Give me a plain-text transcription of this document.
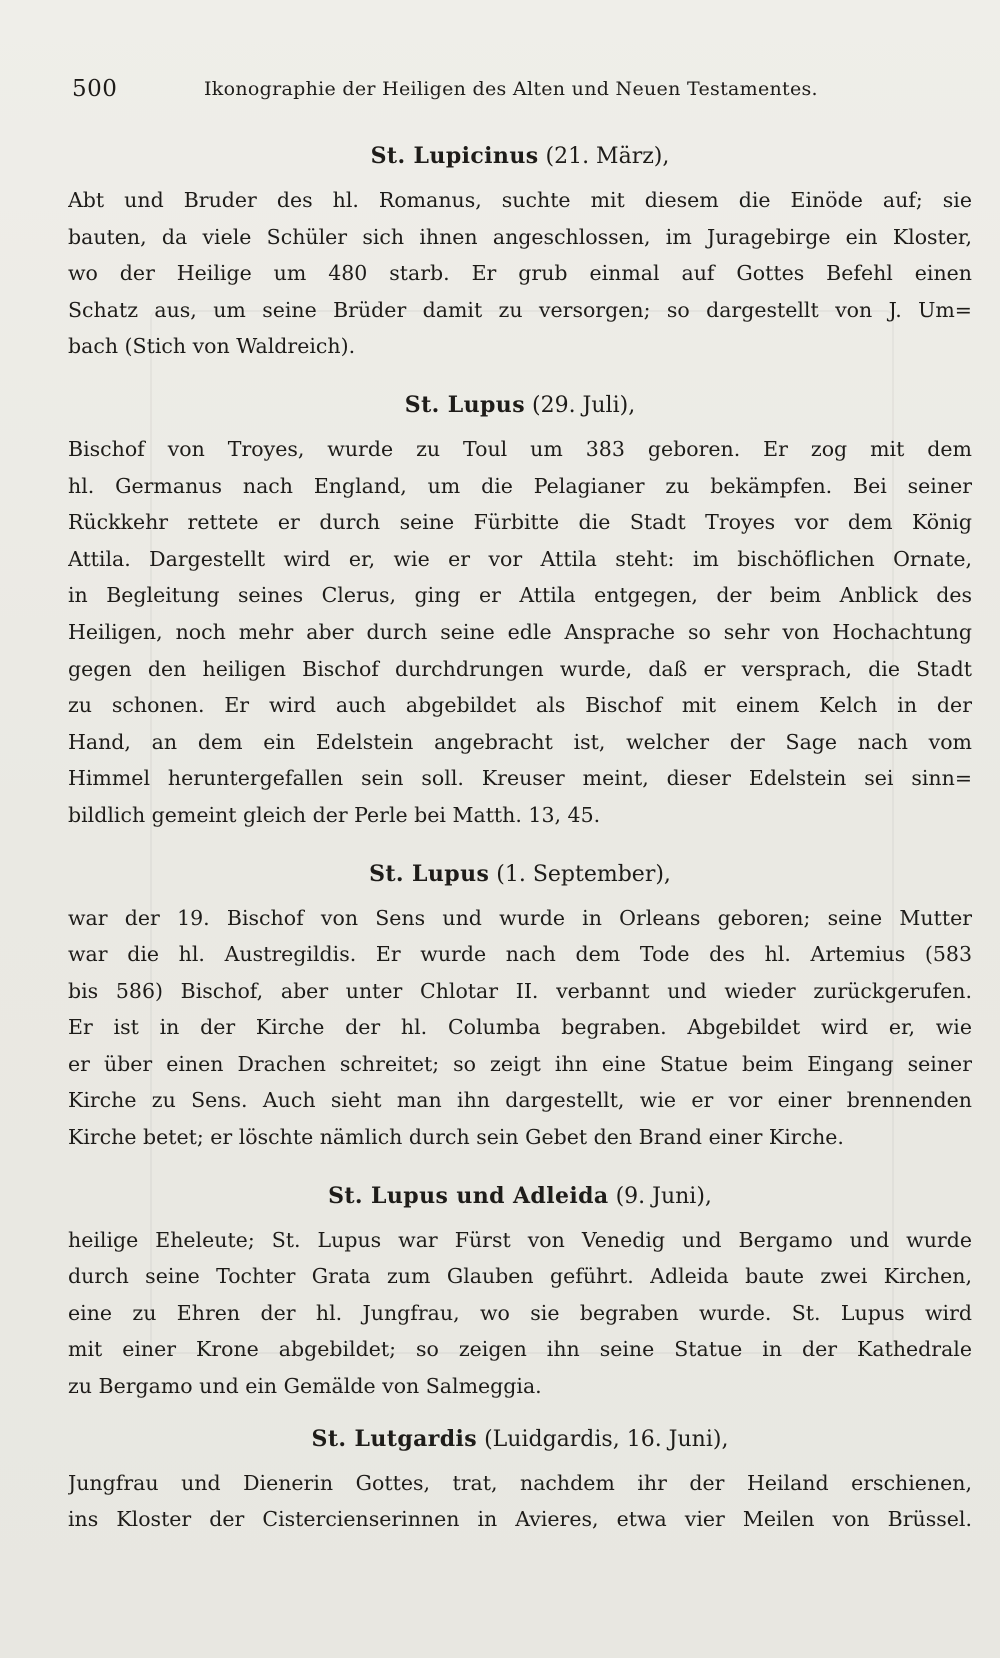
500	Ikonographie der Heiligen des Alten und Neuen Testamentes.
St. Lupicinus (21. März),
Abt und Bruder des hl. Romanus, suchte mit diesem die Einöde auf; sie
bauten, da viele Schüler sich ihnen angeschlossen, im Juragebirge ein Kloster,
wo der Heilige um 480 starb. Er grub einmal auf Gottes Befehl einen
Schatz aus, um seine Brüder damit zu versorgen; so dargestellt von J. Um=
bach (Stich von Waldreich).
St. Lupus (29. Juli),
Bischof von Troyes, wurde zu Toul um 383 geboren. Er zog mit dem
hl. Germanus nach England, um die Pelagianer zu bekämpfen. Bei seiner
Rückkehr rettete er durch seine Fürbitte die Stadt Troyes vor dem König
Attila. Dargestellt wird er, wie er vor Attila steht: im bischöflichen Ornate,
in Begleitung seines Clerus, ging er Attila entgegen, der beim Anblick des
Heiligen, noch mehr aber durch seine edle Ansprache so sehr von Hochachtung
gegen den heiligen Bischof durchdrungen wurde, daß er versprach, die Stadt
zu schonen. Er wird auch abgebildet als Bischof mit einem Kelch in der
Hand, an dem ein Edelstein angebracht ist, welcher der Sage nach vom
Himmel heruntergefallen sein soll. Kreuser meint, dieser Edelstein sei sinn=
bildlich gemeint gleich der Perle bei Matth. 13, 45.
St. Lupus (1. September),
war der 19. Bischof von Sens und wurde in Orleans geboren; seine Mutter
war die hl. Austregildis. Er wurde nach dem Tode des hl. Artemius (583
bis 586) Bischof, aber unter Chlotar II. verbannt und wieder zurückgerufen.
Er ist in der Kirche der hl. Columba begraben. Abgebildet wird er, wie
er über einen Drachen schreitet; so zeigt ihn eine Statue beim Eingang seiner
Kirche zu Sens. Auch sieht man ihn dargestellt, wie er vor einer brennenden
Kirche betet; er löschte nämlich durch sein Gebet den Brand einer Kirche.
St. Lupus und Adleida (9. Juni),
heilige Eheleute; St. Lupus war Fürst von Venedig und Bergamo und wurde
durch seine Tochter Grata zum Glauben geführt. Adleida baute zwei Kirchen,
eine zu Ehren der hl. Jungfrau, wo sie begraben wurde. St. Lupus wird
mit einer Krone abgebildet; so zeigen ihn seine Statue in der Kathedrale
zu Bergamo und ein Gemälde von Salmeggia.
St. Lutgardis (Luidgardis, 16. Juni),
Jungfrau und Dienerin Gottes, trat, nachdem ihr der Heiland erschienen,
ins Kloster der Cistercienserinnen in Avieres, etwa vier Meilen von Brüssel.
